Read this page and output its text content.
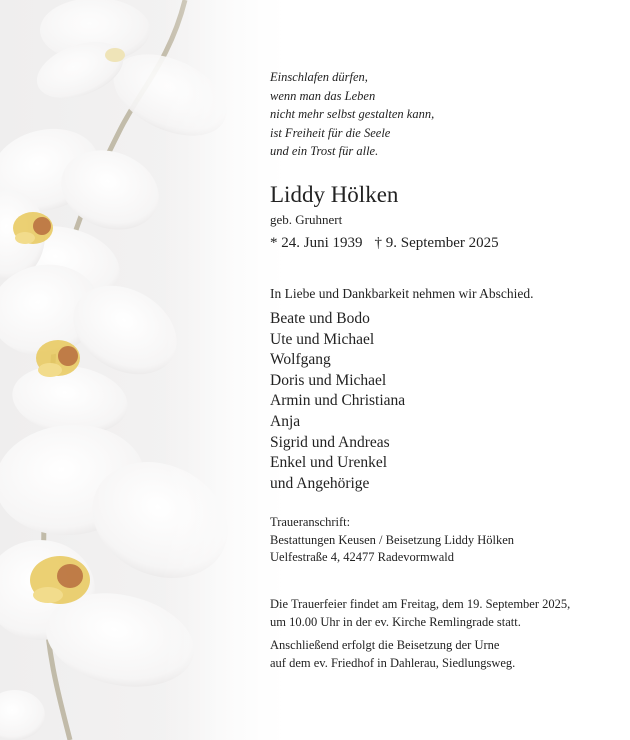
Einschlafen dürfen,
wenn man das Leben
nicht mehr selbst gestalten kann,
ist Freiheit für die Seele
und ein Trost für alle.
Liddy Hölken
geb. Gruhnert
* 24. Juni 1939 † 9. September 2025
In Liebe und Dankbarkeit nehmen wir Abschied.
Beate und Bodo
Ute und Michael
Wolfgang
Doris und Michael
Armin und Christiana
Anja
Sigrid und Andreas
Enkel und Urenkel
und Angehörige
Traueranschrift:
Bestattungen Keusen / Beisetzung Liddy Hölken
Uelfestraße 4, 42477 Radevormwald
Die Trauerfeier findet am Freitag, dem 19. September 2025,
um 10.00 Uhr in der ev. Kirche Remlingrade statt.
Anschließend erfolgt die Beisetzung der Urne
auf dem ev. Friedhof in Dahlerau, Siedlungsweg.
